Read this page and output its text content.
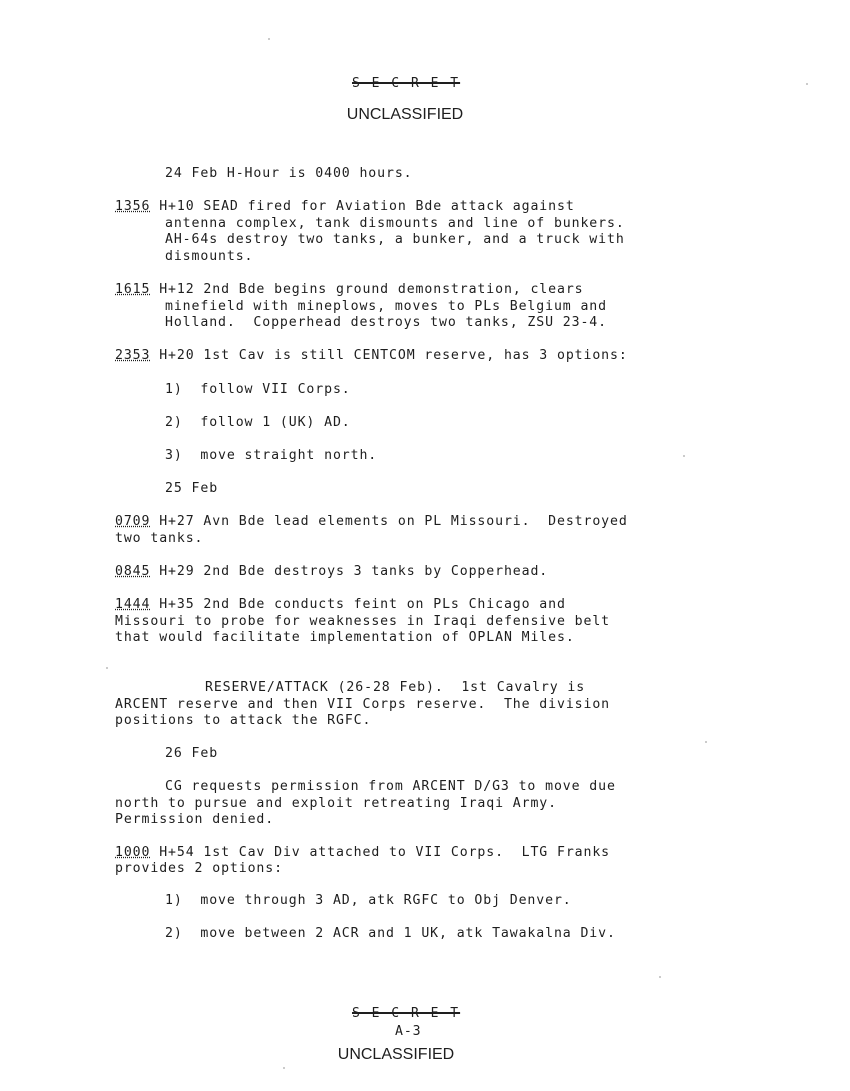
S E C R E T
UNCLASSIFIED
24 Feb H-Hour is 0400 hours.
1356 H+10 SEAD fired for Aviation Bde attack against
antenna complex, tank dismounts and line of bunkers.
AH-64s destroy two tanks, a bunker, and a truck with
dismounts.
1615 H+12 2nd Bde begins ground demonstration, clears
minefield with mineplows, moves to PLs Belgium and
Holland.  Copperhead destroys two tanks, ZSU 23-4.
2353 H+20 1st Cav is still CENTCOM reserve, has 3 options:
1)  follow VII Corps.
2)  follow 1 (UK) AD.
3)  move straight north.
25 Feb
0709 H+27 Avn Bde lead elements on PL Missouri.  Destroyed
two tanks.
0845 H+29 2nd Bde destroys 3 tanks by Copperhead.
1444 H+35 2nd Bde conducts feint on PLs Chicago and
Missouri to probe for weaknesses in Iraqi defensive belt
that would facilitate implementation of OPLAN Miles.
RESERVE/ATTACK (26-28 Feb).  1st Cavalry is
ARCENT reserve and then VII Corps reserve.  The division
positions to attack the RGFC.
26 Feb
CG requests permission from ARCENT D/G3 to move due
north to pursue and exploit retreating Iraqi Army.
Permission denied.
1000 H+54 1st Cav Div attached to VII Corps.  LTG Franks
provides 2 options:
1)  move through 3 AD, atk RGFC to Obj Denver.
2)  move between 2 ACR and 1 UK, atk Tawakalna Div.
S E C R E T
A-3
UNCLASSIFIED
